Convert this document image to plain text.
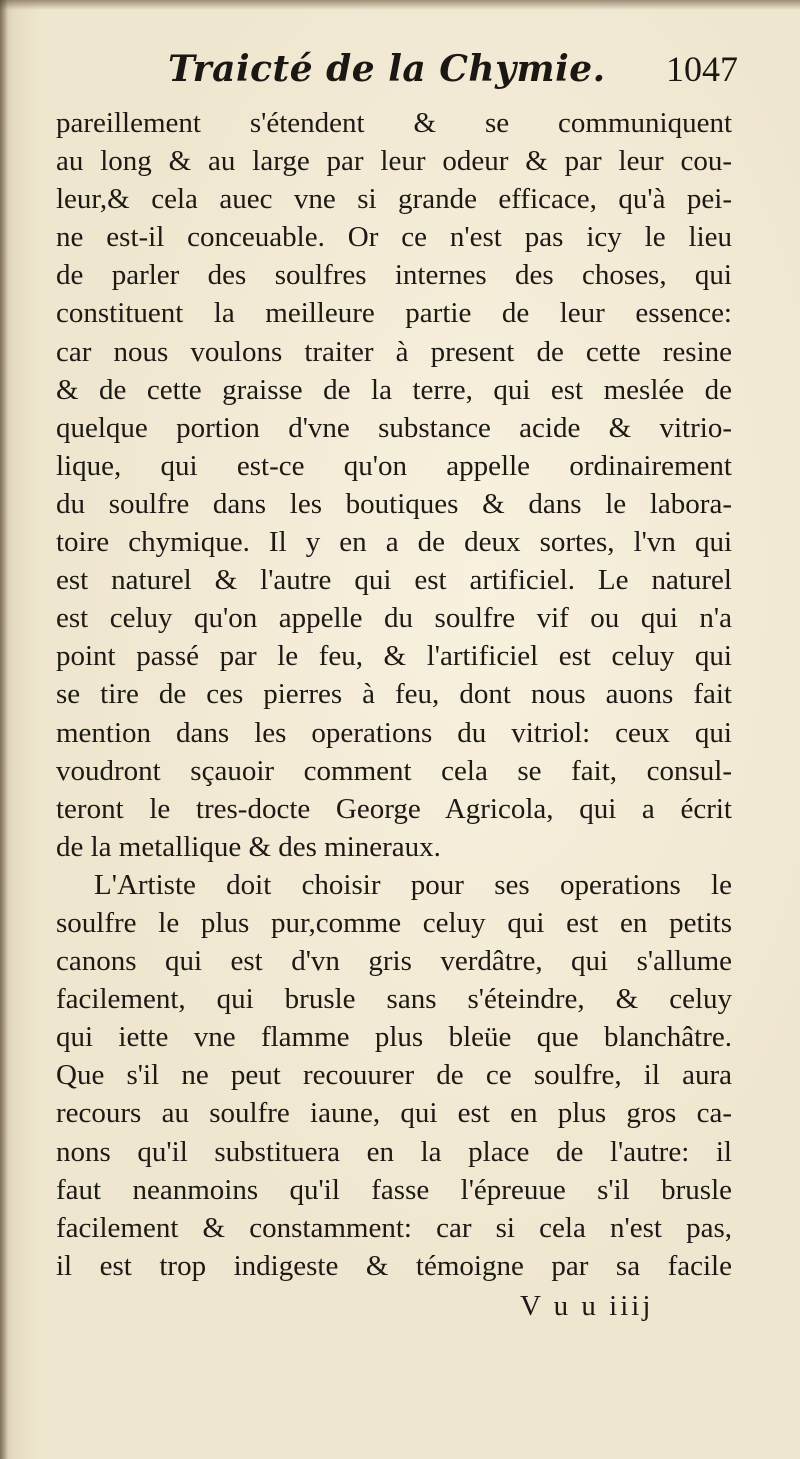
Traicté de la Chymie. 1047
pareillement s'étendent & se communiquent
au long & au large par leur odeur & par leur cou-
leur,& cela auec vne si grande efficace, qu'à pei-
ne est-il conceuable. Or ce n'est pas icy le lieu
de parler des soulfres internes des choses, qui
constituent la meilleure partie de leur essence:
car nous voulons traiter à present de cette resine
& de cette graisse de la terre, qui est meslée de
quelque portion d'vne substance acide & vitrio-
lique, qui est-ce qu'on appelle ordinairement
du soulfre dans les boutiques & dans le labora-
toire chymique. Il y en a de deux sortes, l'vn qui
est naturel & l'autre qui est artificiel. Le naturel
est celuy qu'on appelle du soulfre vif ou qui n'a
point passé par le feu, & l'artificiel est celuy qui
se tire de ces pierres à feu, dont nous auons fait
mention dans les operations du vitriol: ceux qui
voudront sçauoir comment cela se fait, consul-
teront le tres-docte George Agricola, qui a écrit
de la metallique & des mineraux.
L'Artiste doit choisir pour ses operations le
soulfre le plus pur,comme celuy qui est en petits
canons qui est d'vn gris verdâtre, qui s'allume
facilement, qui brusle sans s'éteindre, & celuy
qui iette vne flamme plus bleüe que blanchâtre.
Que s'il ne peut recouurer de ce soulfre, il aura
recours au soulfre iaune, qui est en plus gros ca-
nons qu'il substituera en la place de l'autre: il
faut neanmoins qu'il fasse l'épreuue s'il brusle
facilement & constamment: car si cela n'est pas,
il est trop indigeste & témoigne par sa facile
V u u iiij
